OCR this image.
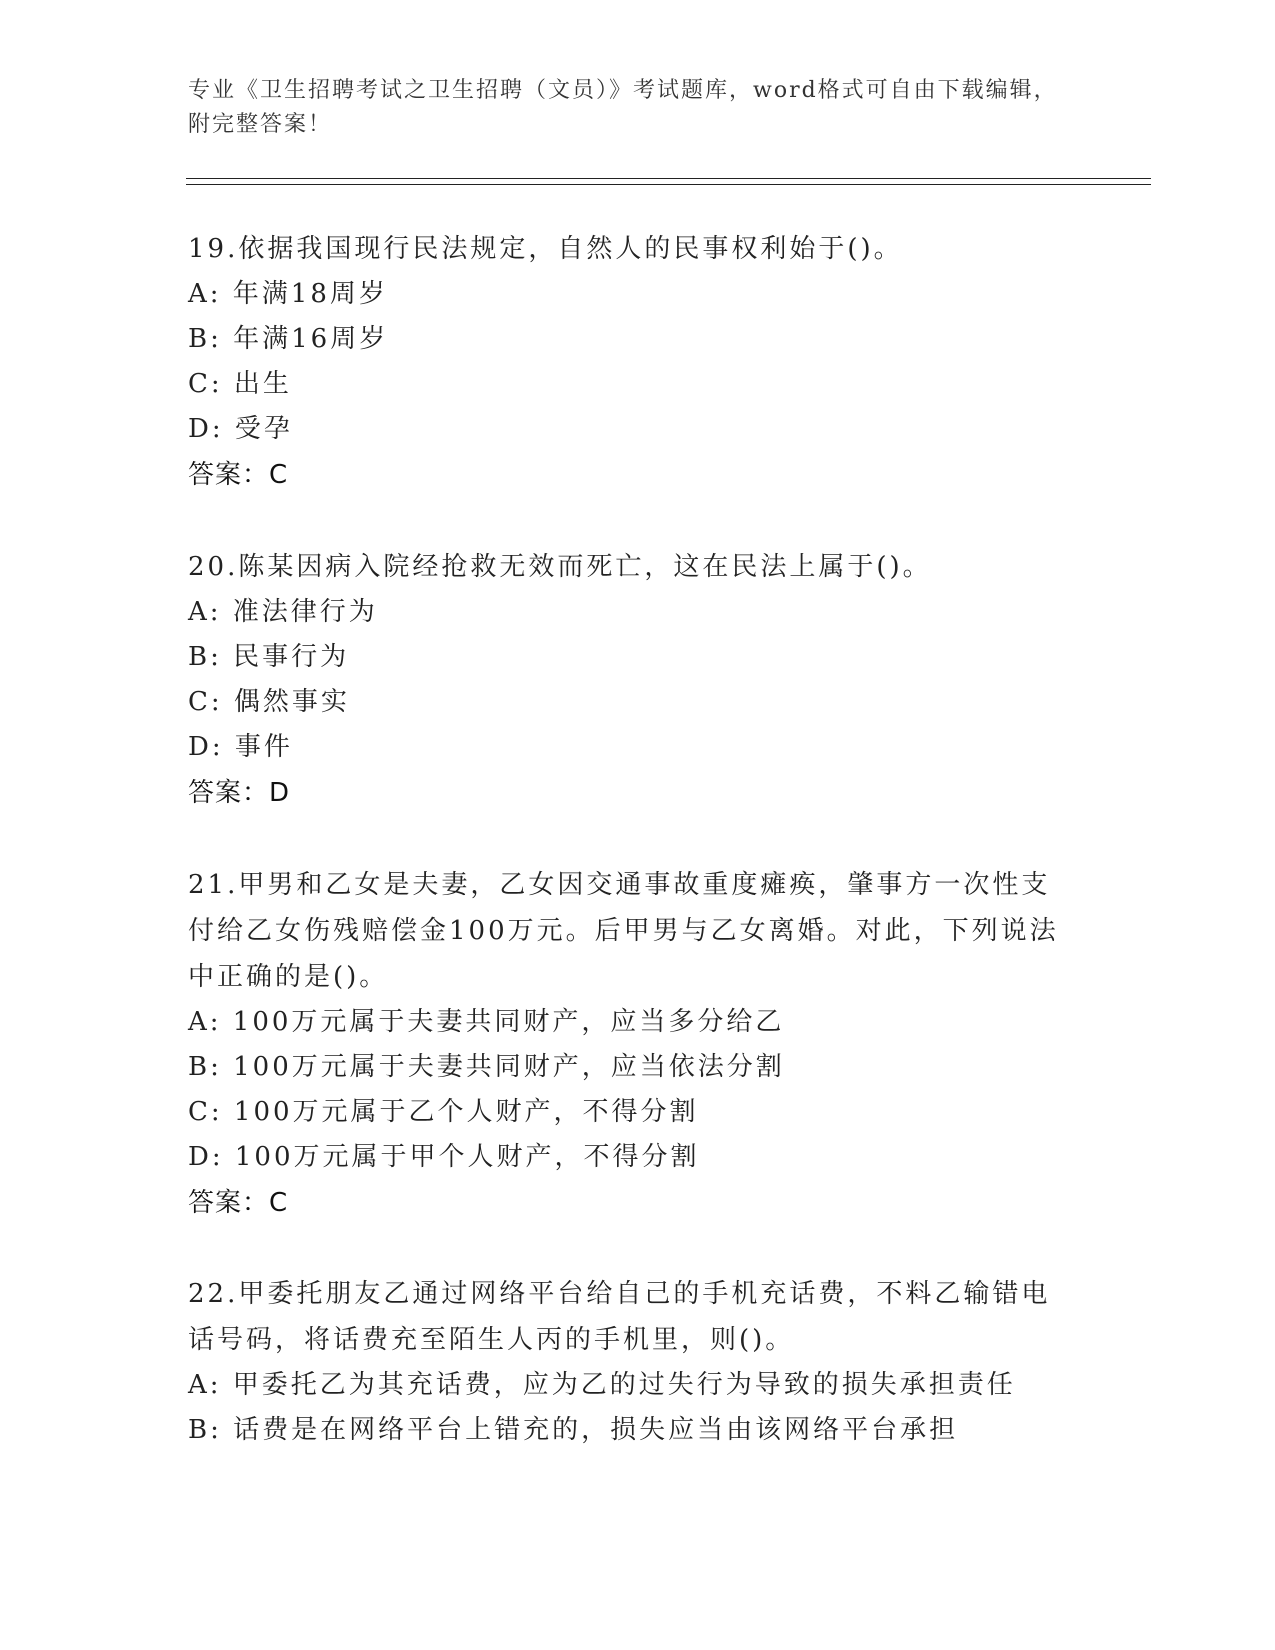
专业《卫生招聘考试之卫生招聘（文员）》考试题库，word格式可自由下载编辑，附完整答案！
19.依据我国现行民法规定，自然人的民事权利始于()。
A: 年满18周岁
B: 年满16周岁
C: 出生
D: 受孕
答案：C
20.陈某因病入院经抢救无效而死亡，这在民法上属于()。
A: 准法律行为
B: 民事行为
C: 偶然事实
D: 事件
答案：D
21.甲男和乙女是夫妻，乙女因交通事故重度瘫痪，肇事方一次性支付给乙女伤残赔偿金100万元。后甲男与乙女离婚。对此，下列说法中正确的是()。
A: 100万元属于夫妻共同财产，应当多分给乙
B: 100万元属于夫妻共同财产，应当依法分割
C: 100万元属于乙个人财产，不得分割
D: 100万元属于甲个人财产，不得分割
答案：C
22.甲委托朋友乙通过网络平台给自己的手机充话费，不料乙输错电话号码，将话费充至陌生人丙的手机里，则()。
A: 甲委托乙为其充话费，应为乙的过失行为导致的损失承担责任
B: 话费是在网络平台上错充的，损失应当由该网络平台承担
